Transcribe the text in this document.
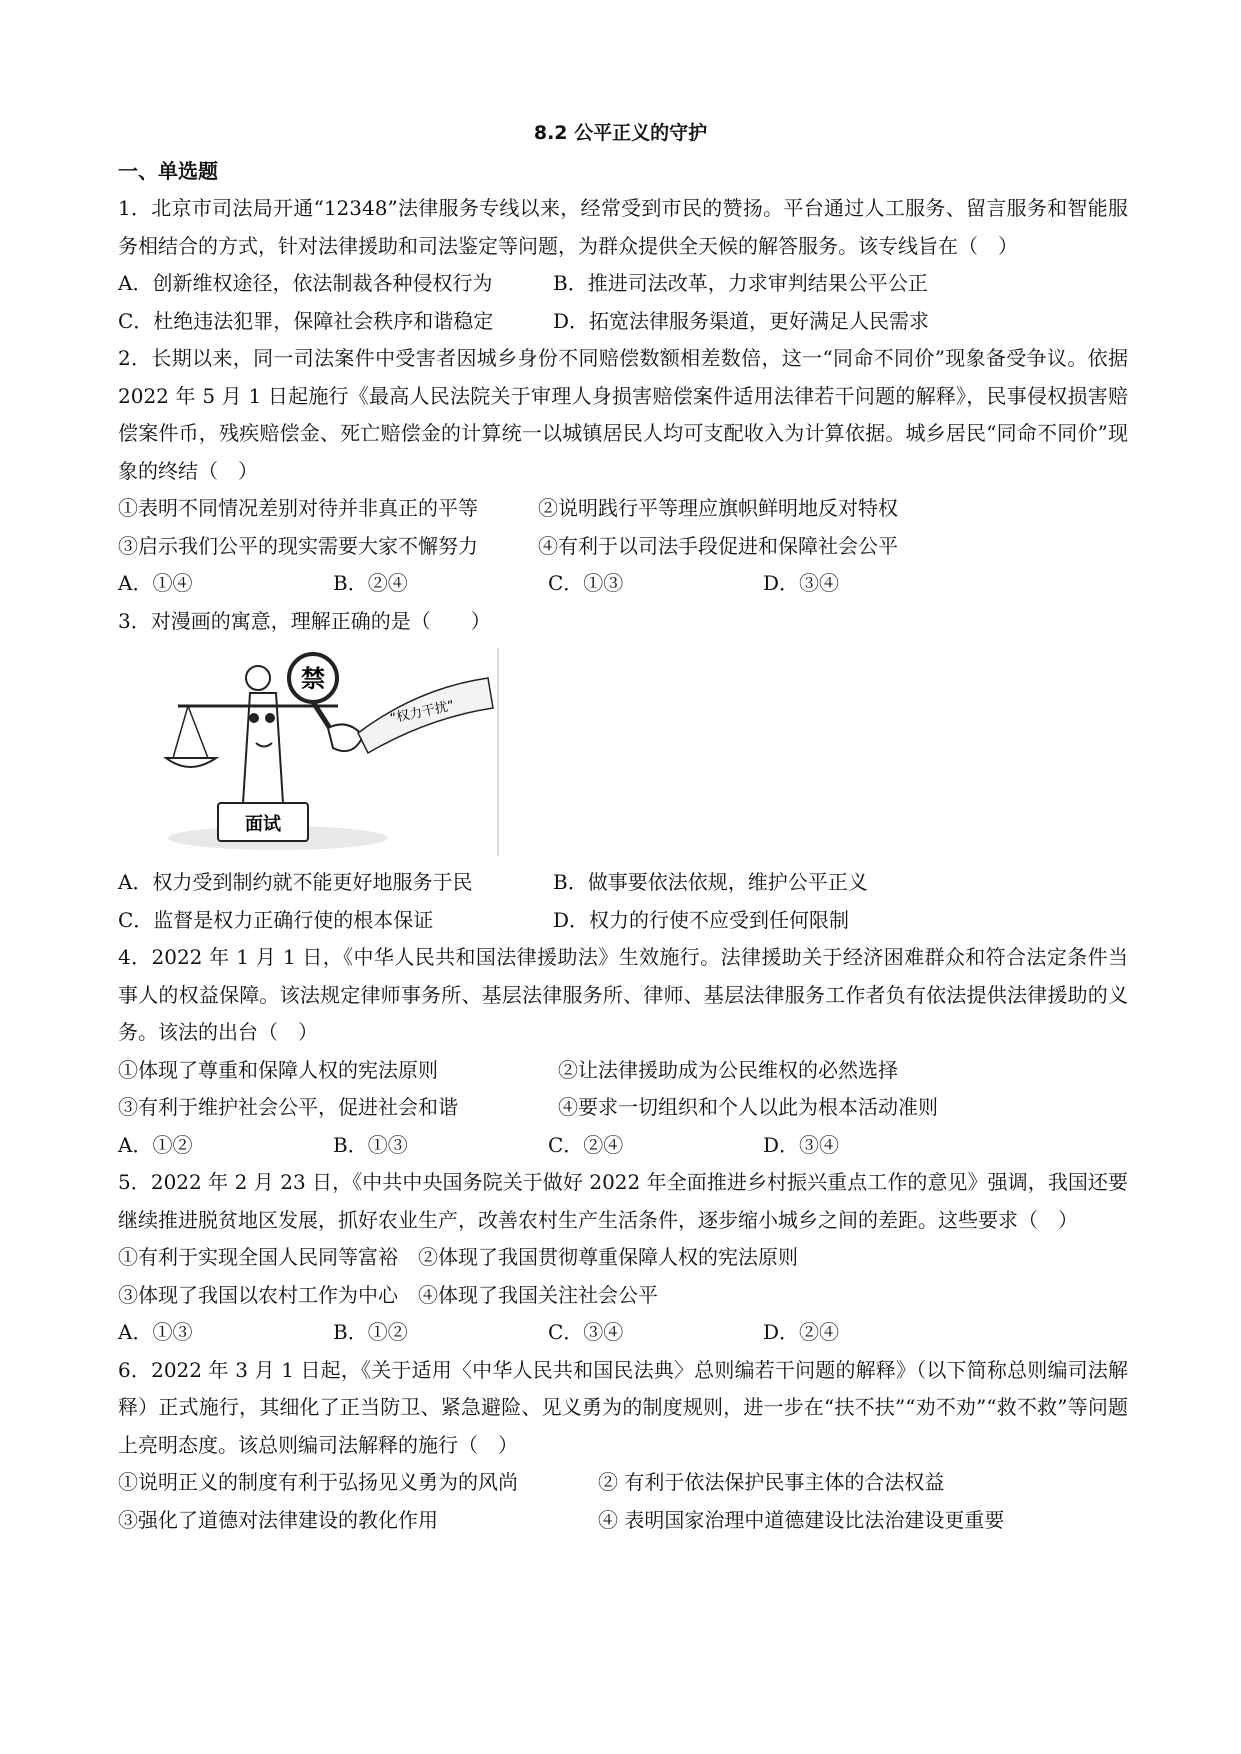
8.2 公平正义的守护
一、单选题

1．北京市司法局开通“12348”法律服务专线以来，经常受到市民的赞扬。平台通过人工服务、留言服务和智能服务相结合的方式，针对法律援助和司法鉴定等问题，为群众提供全天候的解答服务。该专线旨在（　）

A．创新维权途径，依法制裁各种侵权行为	B．推进司法改革，力求审判结果公平公正
C．杜绝违法犯罪，保障社会秩序和谐稳定	D．拓宽法律服务渠道，更好满足人民需求

2．长期以来，同一司法案件中受害者因城乡身份不同赔偿数额相差数倍，这一“同命不同价”现象备受争议。依据 2022 年 5 月 1 日起施行《最高人民法院关于审理人身损害赔偿案件适用法律若干问题的解释》，民事侵权损害赔偿案件币，残疾赔偿金、死亡赔偿金的计算统一以城镇居民人均可支配收入为计算依据。城乡居民“同命不同价”现象的终结（　）

①表明不同情况差别对待并非真正的平等	②说明践行平等理应旗帜鲜明地反对特权
③启示我们公平的现实需要大家不懈努力	④有利于以司法手段促进和保障社会公平
A．①④	B．②④	C．①③	D．③④

3．对漫画的寓意，理解正确的是（　　）

面试
禁
“权力干扰”
A．权力受到制约就不能更好地服务于民	B．做事要依法依规，维护公平正义
C．监督是权力正确行使的根本保证	D．权力的行使不应受到任何限制

4．2022 年 1 月 1 日，《中华人民共和国法律援助法》生效施行。法律援助关于经济困难群众和符合法定条件当事人的权益保障。该法规定律师事务所、基层法律服务所、律师、基层法律服务工作者负有依法提供法律援助的义务。该法的出台（　）

①体现了尊重和保障人权的宪法原则	②让法律援助成为公民维权的必然选择
③有利于维护社会公平，促进社会和谐	④要求一切组织和个人以此为根本活动准则
A．①②	B．①③	C．②④	D．③④

5．2022 年 2 月 23 日，《中共中央国务院关于做好 2022 年全面推进乡村振兴重点工作的意见》强调，我国还要继续推进脱贫地区发展，抓好农业生产，改善农村生产生活条件，逐步缩小城乡之间的差距。这些要求（　）

①有利于实现全国人民同等富裕　②体现了我国贯彻尊重保障人权的宪法原则

③体现了我国以农村工作为中心　④体现了我国关注社会公平

A．①③	B．①②	C．③④	D．②④

6．2022 年 3 月 1 日起，《关于适用〈中华人民共和国民法典〉总则编若干问题的解释》（以下简称总则编司法解释）正式施行，其细化了正当防卫、紧急避险、见义勇为的制度规则，进一步在“扶不扶”“劝不劝”“救不救”等问题上亮明态度。该总则编司法解释的施行（　）

①说明正义的制度有利于弘扬见义勇为的风尚	② 有利于依法保护民事主体的合法权益
③强化了道德对法律建设的教化作用	④ 表明国家治理中道德建设比法治建设更重要
